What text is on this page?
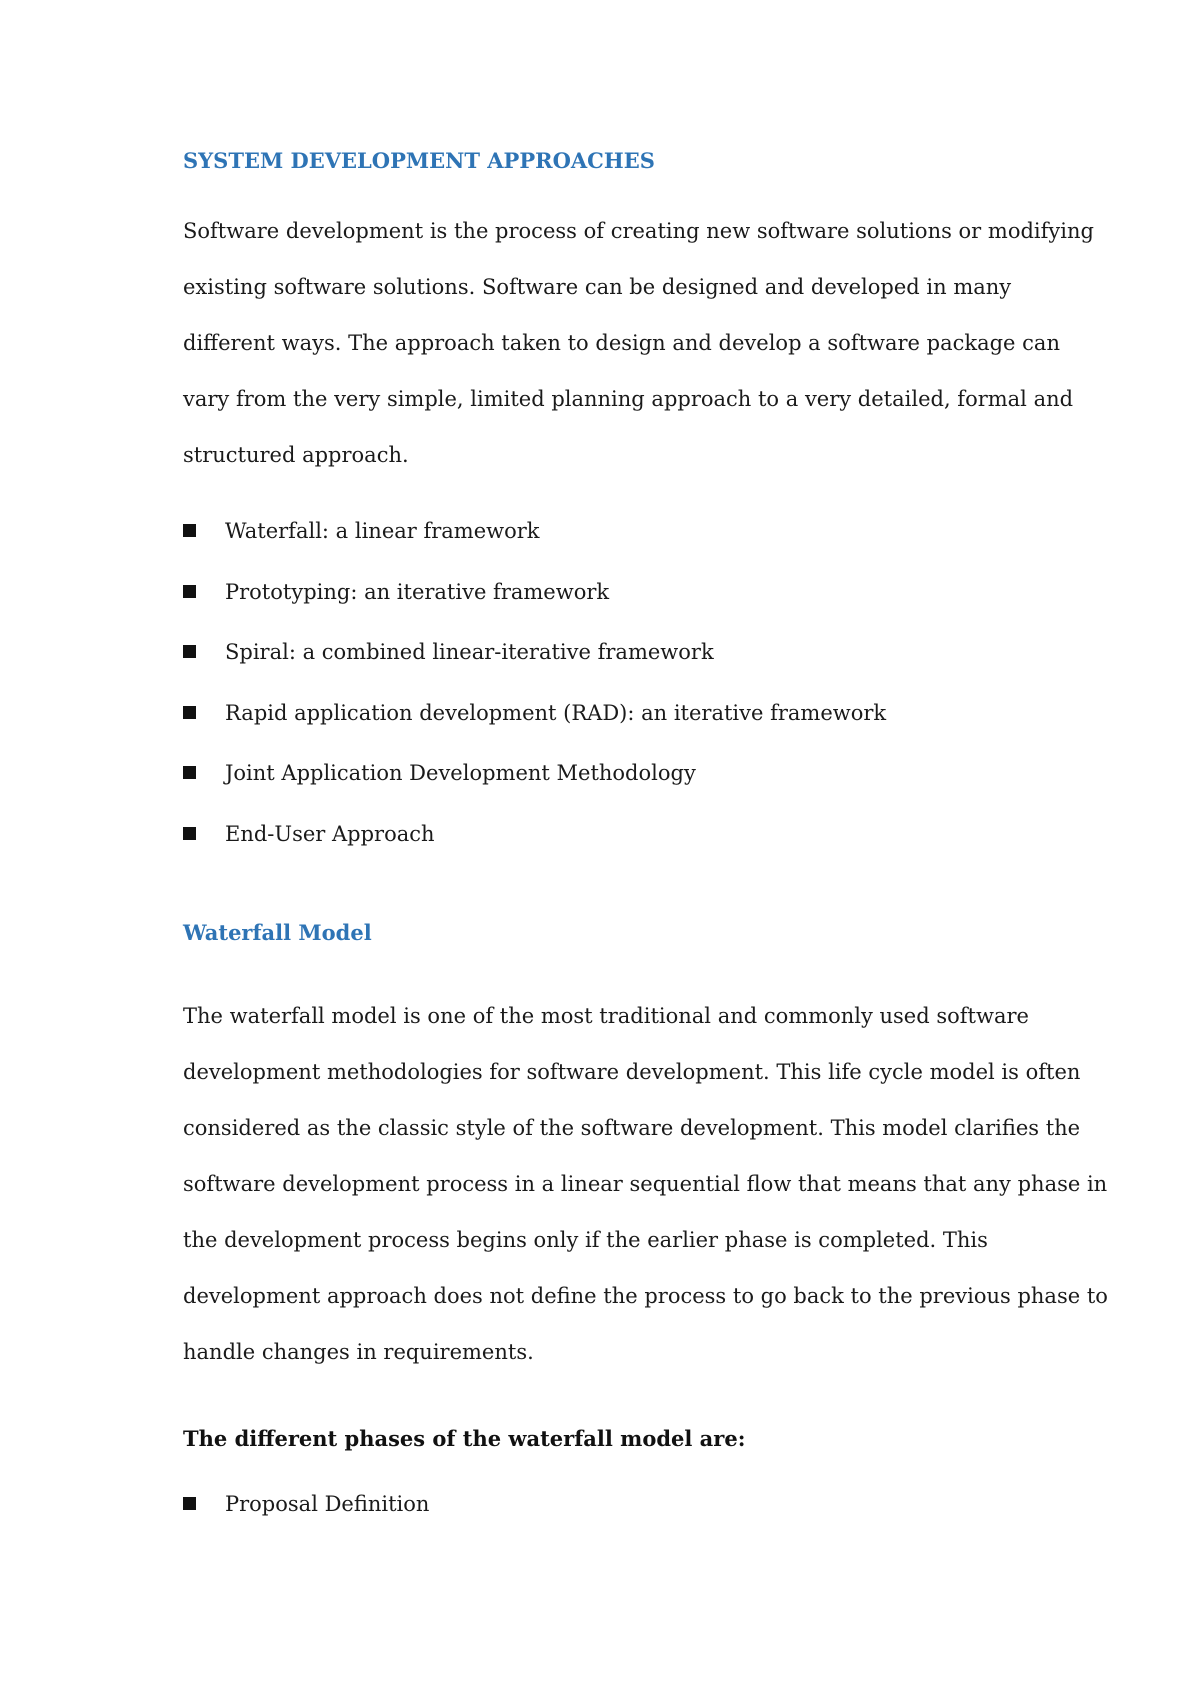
SYSTEM DEVELOPMENT APPROACHES

Software development is the process of creating new software solutions or modifying
existing software solutions. Software can be designed and developed in many
different ways. The approach taken to design and develop a software package can
vary from the very simple, limited planning approach to a very detailed, formal and
structured approach.

Waterfall: a linear framework
Prototyping: an iterative framework
Spiral: a combined linear-iterative framework
Rapid application development (RAD): an iterative framework
Joint Application Development Methodology
End-User Approach
Waterfall Model

The waterfall model is one of the most traditional and commonly used software
development methodologies for software development. This life cycle model is often
considered as the classic style of the software development. This model clarifies the
software development process in a linear sequential flow that means that any phase in
the development process begins only if the earlier phase is completed. This
development approach does not define the process to go back to the previous phase to
handle changes in requirements.

The different phases of the waterfall model are:
Proposal Definition
